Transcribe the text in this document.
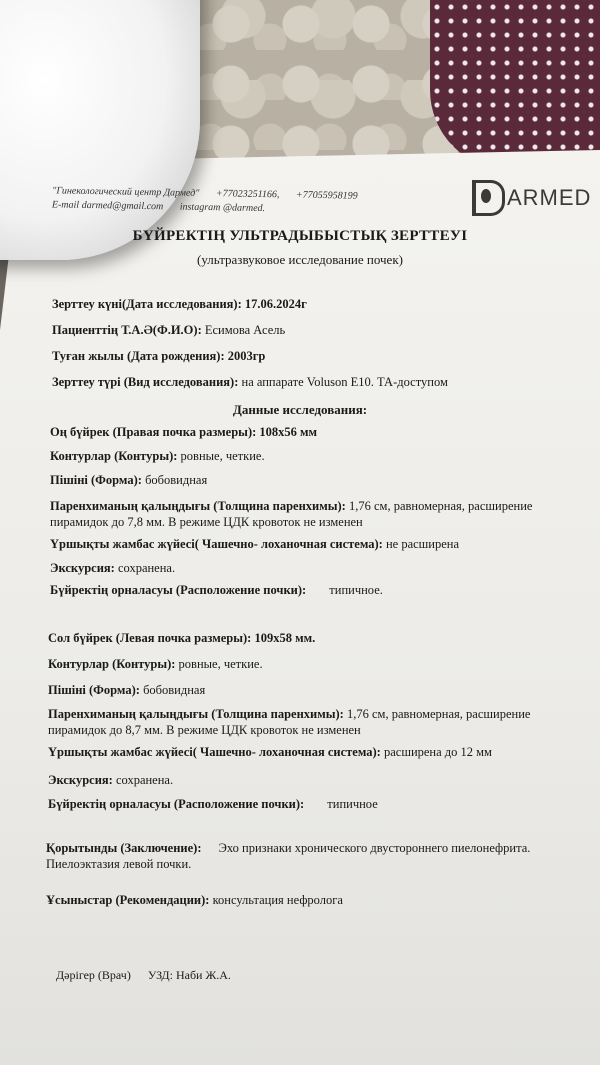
"Гинекологический центр Дармед" +77023251166, +77055958199
E-mail darmed@gmail.com instagram @darmed.	ARMED
БҮЙРЕКТІҢ УЛЬТРАДЫБЫСТЫҚ ЗЕРТТЕУІ
(ультразвуковое исследование почек)
Зерттеу күні(Дата исследования): 17.06.2024г
Пациенттің Т.А.Ә(Ф.И.О): Есимова Асель
Туған жылы (Дата рождения): 2003гр
Зерттеу түрі (Вид исследования): на аппарате Voluson E10. ТА-доступом
Данные исследования:
Оң бүйрек (Правая почка размеры): 108x56 мм
Контурлар (Контуры): ровные, четкие.
Пішіні (Форма): бобовидная
Паренхиманың қалыңдығы (Толщина паренхимы): 1,76 см, равномерная, расширение пирамидок до 7,8 мм. В режиме ЦДК кровоток не изменен
Үршықты жамбас жүйесі( Чашечно- лоханочная система): не расширена
Экскурсия: сохранена.
Бүйректің орналасуы (Расположение почки): типичное.
Сол бүйрек (Левая почка размеры): 109x58 мм.
Контурлар (Контуры): ровные, четкие.
Пішіні (Форма): бобовидная
Паренхиманың қалыңдығы (Толщина паренхимы): 1,76 см, равномерная, расширение пирамидок до 8,7 мм. В режиме ЦДК кровоток не изменен
Үршықты жамбас жүйесі( Чашечно- лоханочная система): расширена до 12 мм
Экскурсия: сохранена.
Бүйректің орналасуы (Расположение почки): типичное
Қорытынды (Заключение): Эхо признаки хронического двустороннего пиелонефрита. Пиелоэктазия левой почки.
Ұсыныстар (Рекомендации): консультация нефролога
Дәрігер (Врач) УЗД: Наби Ж.А.
